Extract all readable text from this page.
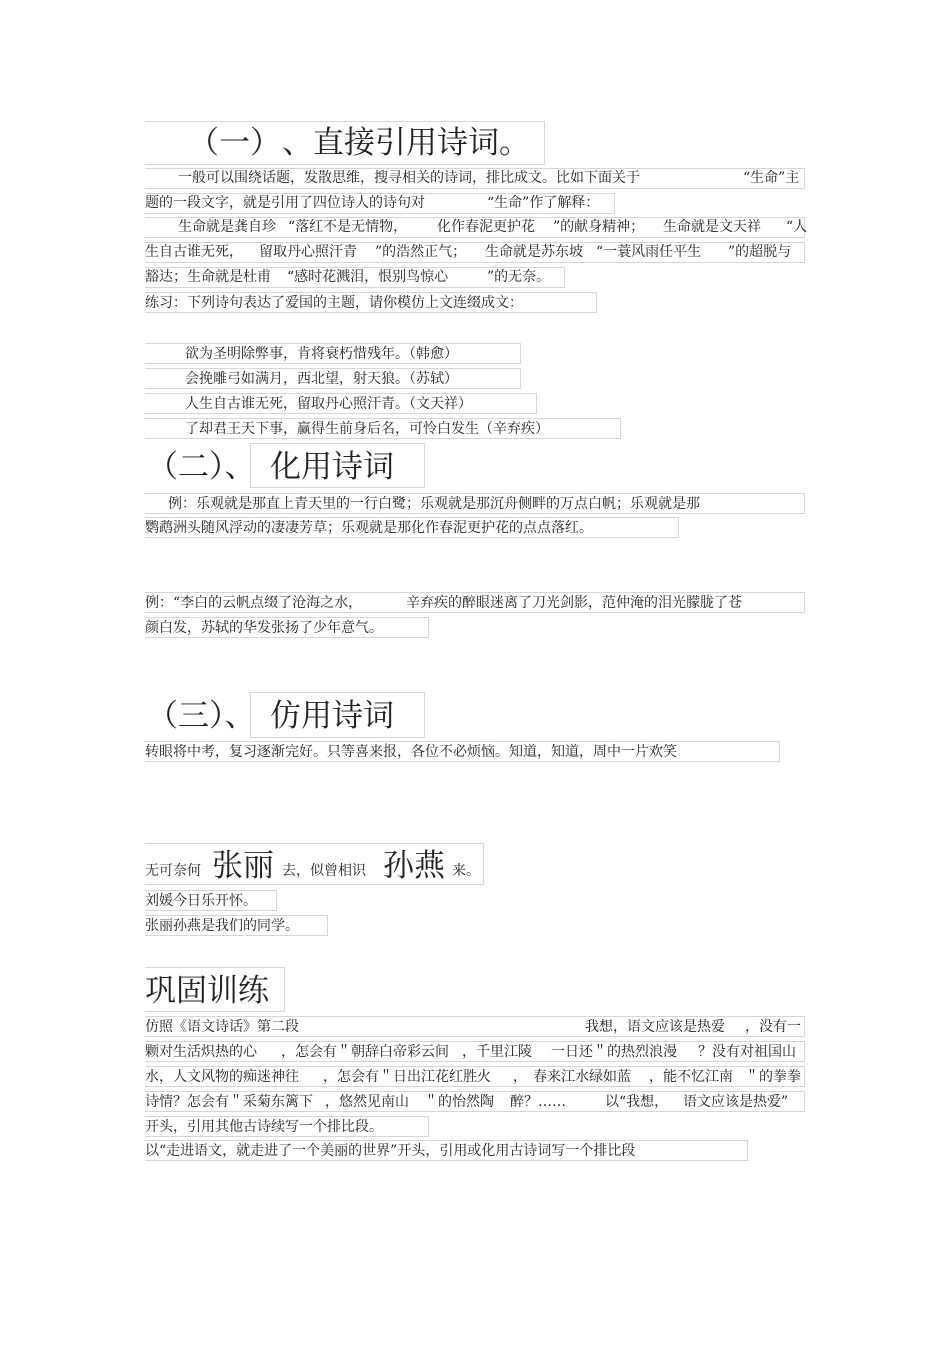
（一） 、直接引用诗词。
一般可以围绕话题，发散思维，搜寻相关的诗词，排比成文。比如下面关于	“生命”主
题的一段文字，就是引用了四位诗人的诗句对	“生命”作了解释：
生命就是龚自珍 “落红不是无情物， 化作春泥更护花 ”的献身精神； 生命就是文天祥 “人
生自古谁无死， 留取丹心照汗青 ”的浩然正气； 生命就是苏东坡 “一蓑风雨任平生 ”的超脱与
豁达；生命就是杜甫 “感时花溅泪，恨别鸟惊心	”的无奈。
练习：下列诗句表达了爱国的主题，请你模仿上文连缀成文：
欲为圣明除弊事，肯将衰朽惜残年。（韩愈）
会挽雕弓如满月，西北望，射天狼。（苏轼）
人生自古谁无死，留取丹心照汗青。（文天祥）
了却君王天下事，赢得生前身后名，可怜白发生（辛弃疾）
（二）、 化用诗词
例：乐观就是那直上青天里的一行白鹭；乐观就是那沉舟侧畔的万点白帆；乐观就是那
鹦鹉洲头随风浮动的凄凄芳草；乐观就是那化作春泥更护花的点点落红。
例：“李白的云帆点缀了沧海之水，	辛弃疾的醉眼迷离了刀光剑影，范仲淹的泪光朦胧了苍
颜白发，苏轼的华发张扬了少年意气。
（三）、 仿用诗词
转眼将中考，复习逐渐完好。只等喜来报，各位不必烦恼。知道，知道，周中一片欢笑
无可奈何 张丽 去，似曾相识 孙燕 来。
刘媛今日乐开怀。
张丽孙燕是我们的同学。
巩固训练
仿照《语文诗话》第二段	我想，语文应该是热爱 ，没有一
颗对生活炽热的心 ，怎会有＂朝辞白帝彩云间 ，千里江陵 一日还＂的热烈浪漫 ？没有对祖国山
水，人文风物的痴迷神往 ，怎会有＂日出江花红胜火 ， 春来江水绿如蓝 ，能不忆江南 ＂的拳拳
诗情？怎会有＂采菊东篱下 ，悠然见南山 ＂的怡然陶 醉？……	以“我想， 语文应该是热爱”
开头，引用其他古诗续写一个排比段。
以“走进语文，就走进了一个美丽的世界”开头，引用或化用古诗词写一个排比段
